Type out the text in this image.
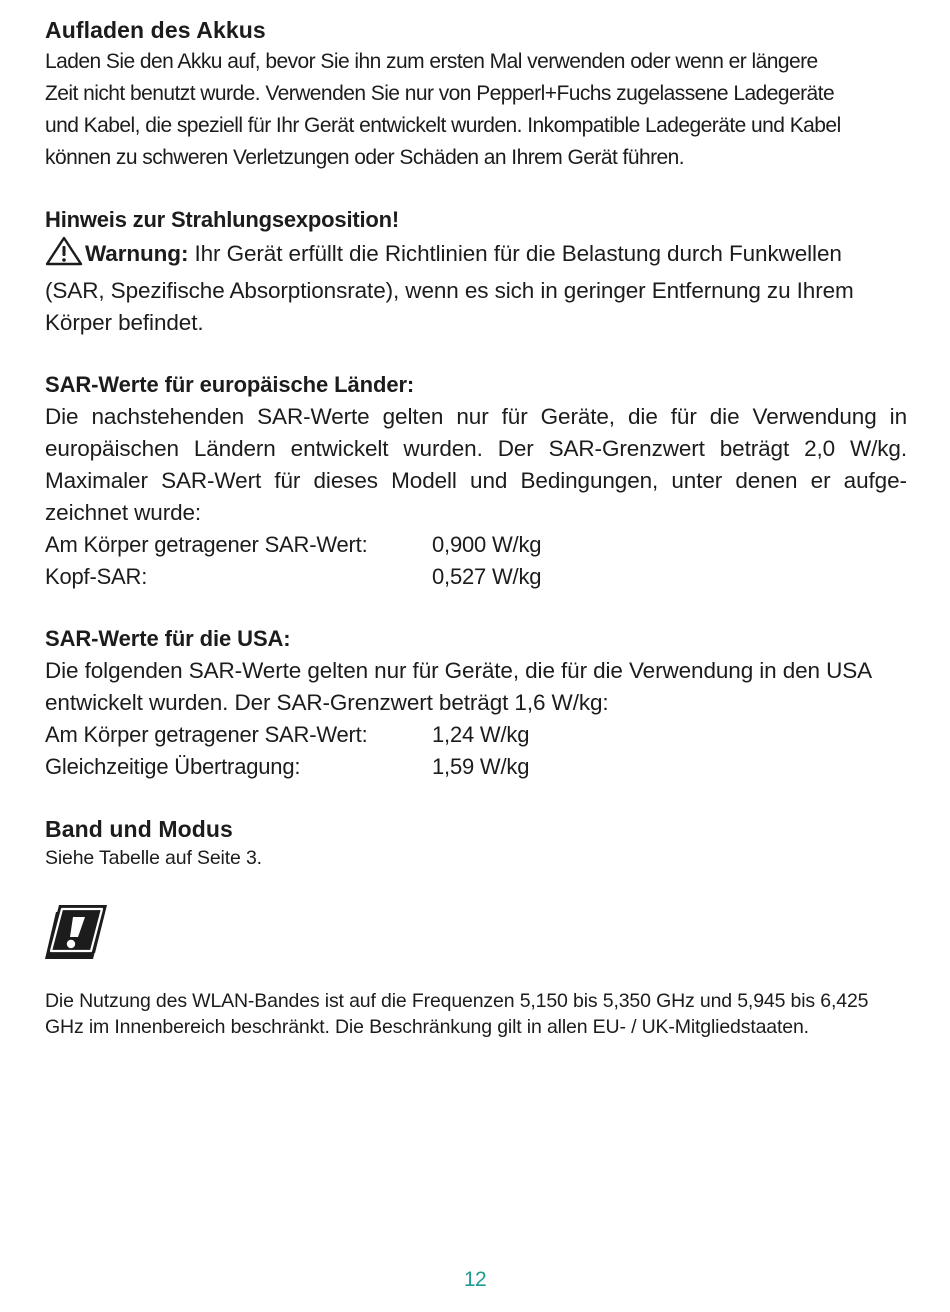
Aufladen des Akkus
Laden Sie den Akku auf, bevor Sie ihn zum ersten Mal verwenden oder wenn er längere
Zeit nicht benutzt wurde. Verwenden Sie nur von Pepperl+Fuchs zugelassene Ladegeräte
und Kabel, die speziell für Ihr Gerät entwickelt wurden. Inkompatible Ladegeräte und Kabel
können zu schweren Verletzungen oder Schäden an Ihrem Gerät führen.
Hinweis zur Strahlungsexposition!

Warnung: Ihr Gerät erfüllt die Richtlinien für die Belastung durch Funkwellen (SAR, Spezifische Absorptionsrate), wenn es sich in geringer Entfernung zu Ihrem Körper befindet.

SAR-Werte für europäische Länder:

Die nachstehenden SAR-Werte gelten nur für Geräte, die für die Verwendung in europäischen Ländern entwickelt wurden. Der SAR-Grenzwert beträgt 2,0 W/kg. Maximaler SAR-Wert für dieses Modell und Bedingungen, unter denen er aufgezeichnet wurde:

Am Körper getragener SAR-Wert:	0,900 W/kg
Kopf-SAR:	0,527 W/kg
SAR-Werte für die USA:

Die folgenden SAR-Werte gelten nur für Geräte, die für die Verwendung in den USA entwickelt wurden. Der SAR-Grenzwert beträgt 1,6 W/kg:

Am Körper getragener SAR-Wert:	1,24 W/kg
Gleichzeitige Übertragung:	1,59 W/kg
Band und Modus

Siehe Tabelle auf Seite 3.

Die Nutzung des WLAN-Bandes ist auf die Frequenzen 5,150 bis 5,350 GHz und 5,945 bis 6,425 GHz im Innenbereich beschränkt. Die Beschränkung gilt in allen EU- / UK-Mitgliedstaaten.

12
